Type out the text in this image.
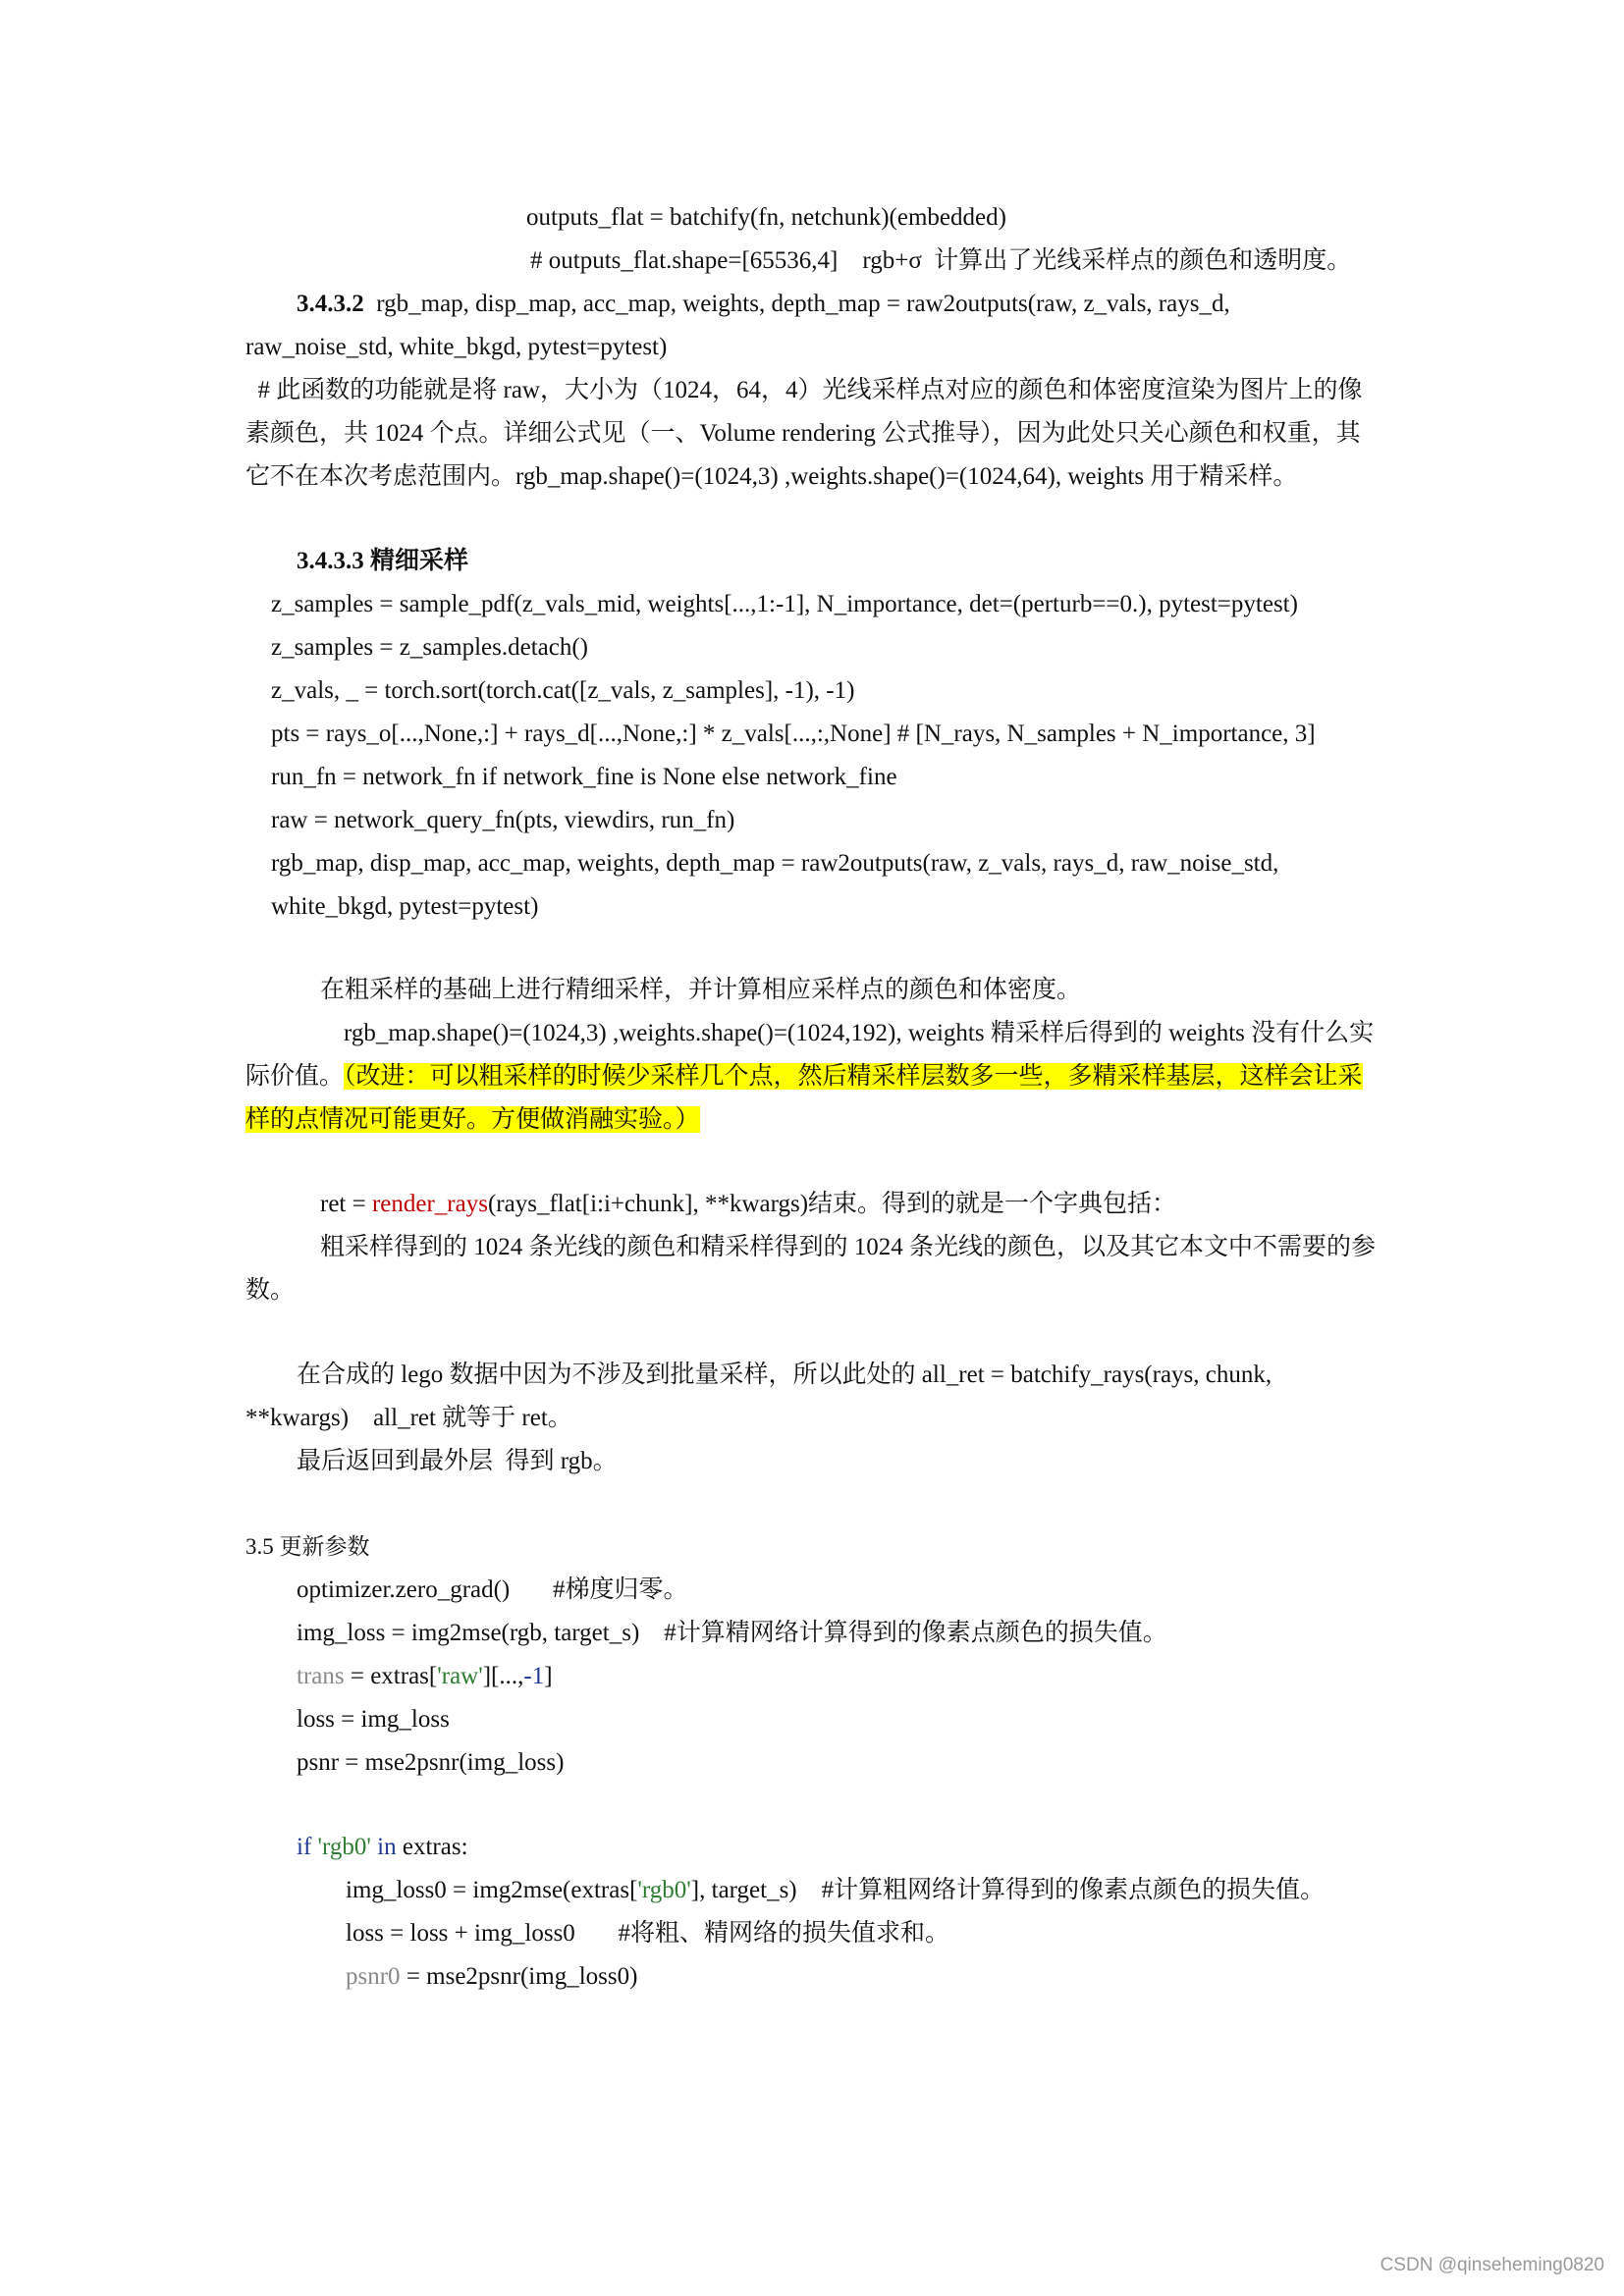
outputs_flat = batchify(fn, netchunk)(embedded)
# outputs_flat.shape=[65536,4]    rgb+σ  计算出了光线采样点的颜色和透明度。
3.4.3.2  rgb_map, disp_map, acc_map, weights, depth_map = raw2outputs(raw, z_vals, rays_d,
raw_noise_std, white_bkgd, pytest=pytest)
# 此函数的功能就是将 raw，大小为（1024，64，4）光线采样点对应的颜色和体密度渲染为图片上的像
素颜色，共 1024 个点。详细公式见（一、Volume rendering 公式推导），因为此处只关心颜色和权重，其
它不在本次考虑范围内。rgb_map.shape()=(1024,3) ,weights.shape()=(1024,64), weights 用于精采样。
3.4.3.3 精细采样
z_samples = sample_pdf(z_vals_mid, weights[...,1:-1], N_importance, det=(perturb==0.), pytest=pytest)
z_samples = z_samples.detach()
z_vals, _ = torch.sort(torch.cat([z_vals, z_samples], -1), -1)
pts = rays_o[...,None,:] + rays_d[...,None,:] * z_vals[...,:,None] # [N_rays, N_samples + N_importance, 3]
run_fn = network_fn if network_fine is None else network_fine
raw = network_query_fn(pts, viewdirs, run_fn)
rgb_map, disp_map, acc_map, weights, depth_map = raw2outputs(raw, z_vals, rays_d, raw_noise_std,
white_bkgd, pytest=pytest)
在粗采样的基础上进行精细采样，并计算相应采样点的颜色和体密度。
rgb_map.shape()=(1024,3) ,weights.shape()=(1024,192), weights 精采样后得到的 weights 没有什么实
际价值。（改进：可以粗采样的时候少采样几个点，然后精采样层数多一些，多精采样基层，这样会让采
样的点情况可能更好。方便做消融实验。）
ret = render_rays(rays_flat[i:i+chunk], **kwargs)结束。得到的就是一个字典包括：
粗采样得到的 1024 条光线的颜色和精采样得到的 1024 条光线的颜色，以及其它本文中不需要的参
数。
在合成的 lego 数据中因为不涉及到批量采样，所以此处的 all_ret = batchify_rays(rays, chunk,
**kwargs)    all_ret 就等于 ret。
最后返回到最外层  得到 rgb。
3.5 更新参数
optimizer.zero_grad()       #梯度归零。
img_loss = img2mse(rgb, target_s)    #计算精网络计算得到的像素点颜色的损失值。
trans = extras['raw'][...,-1]
loss = img_loss
psnr = mse2psnr(img_loss)
if 'rgb0' in extras:
img_loss0 = img2mse(extras['rgb0'], target_s)    #计算粗网络计算得到的像素点颜色的损失值。
loss = loss + img_loss0       #将粗、精网络的损失值求和。
psnr0 = mse2psnr(img_loss0)
CSDN @qinseheming0820
